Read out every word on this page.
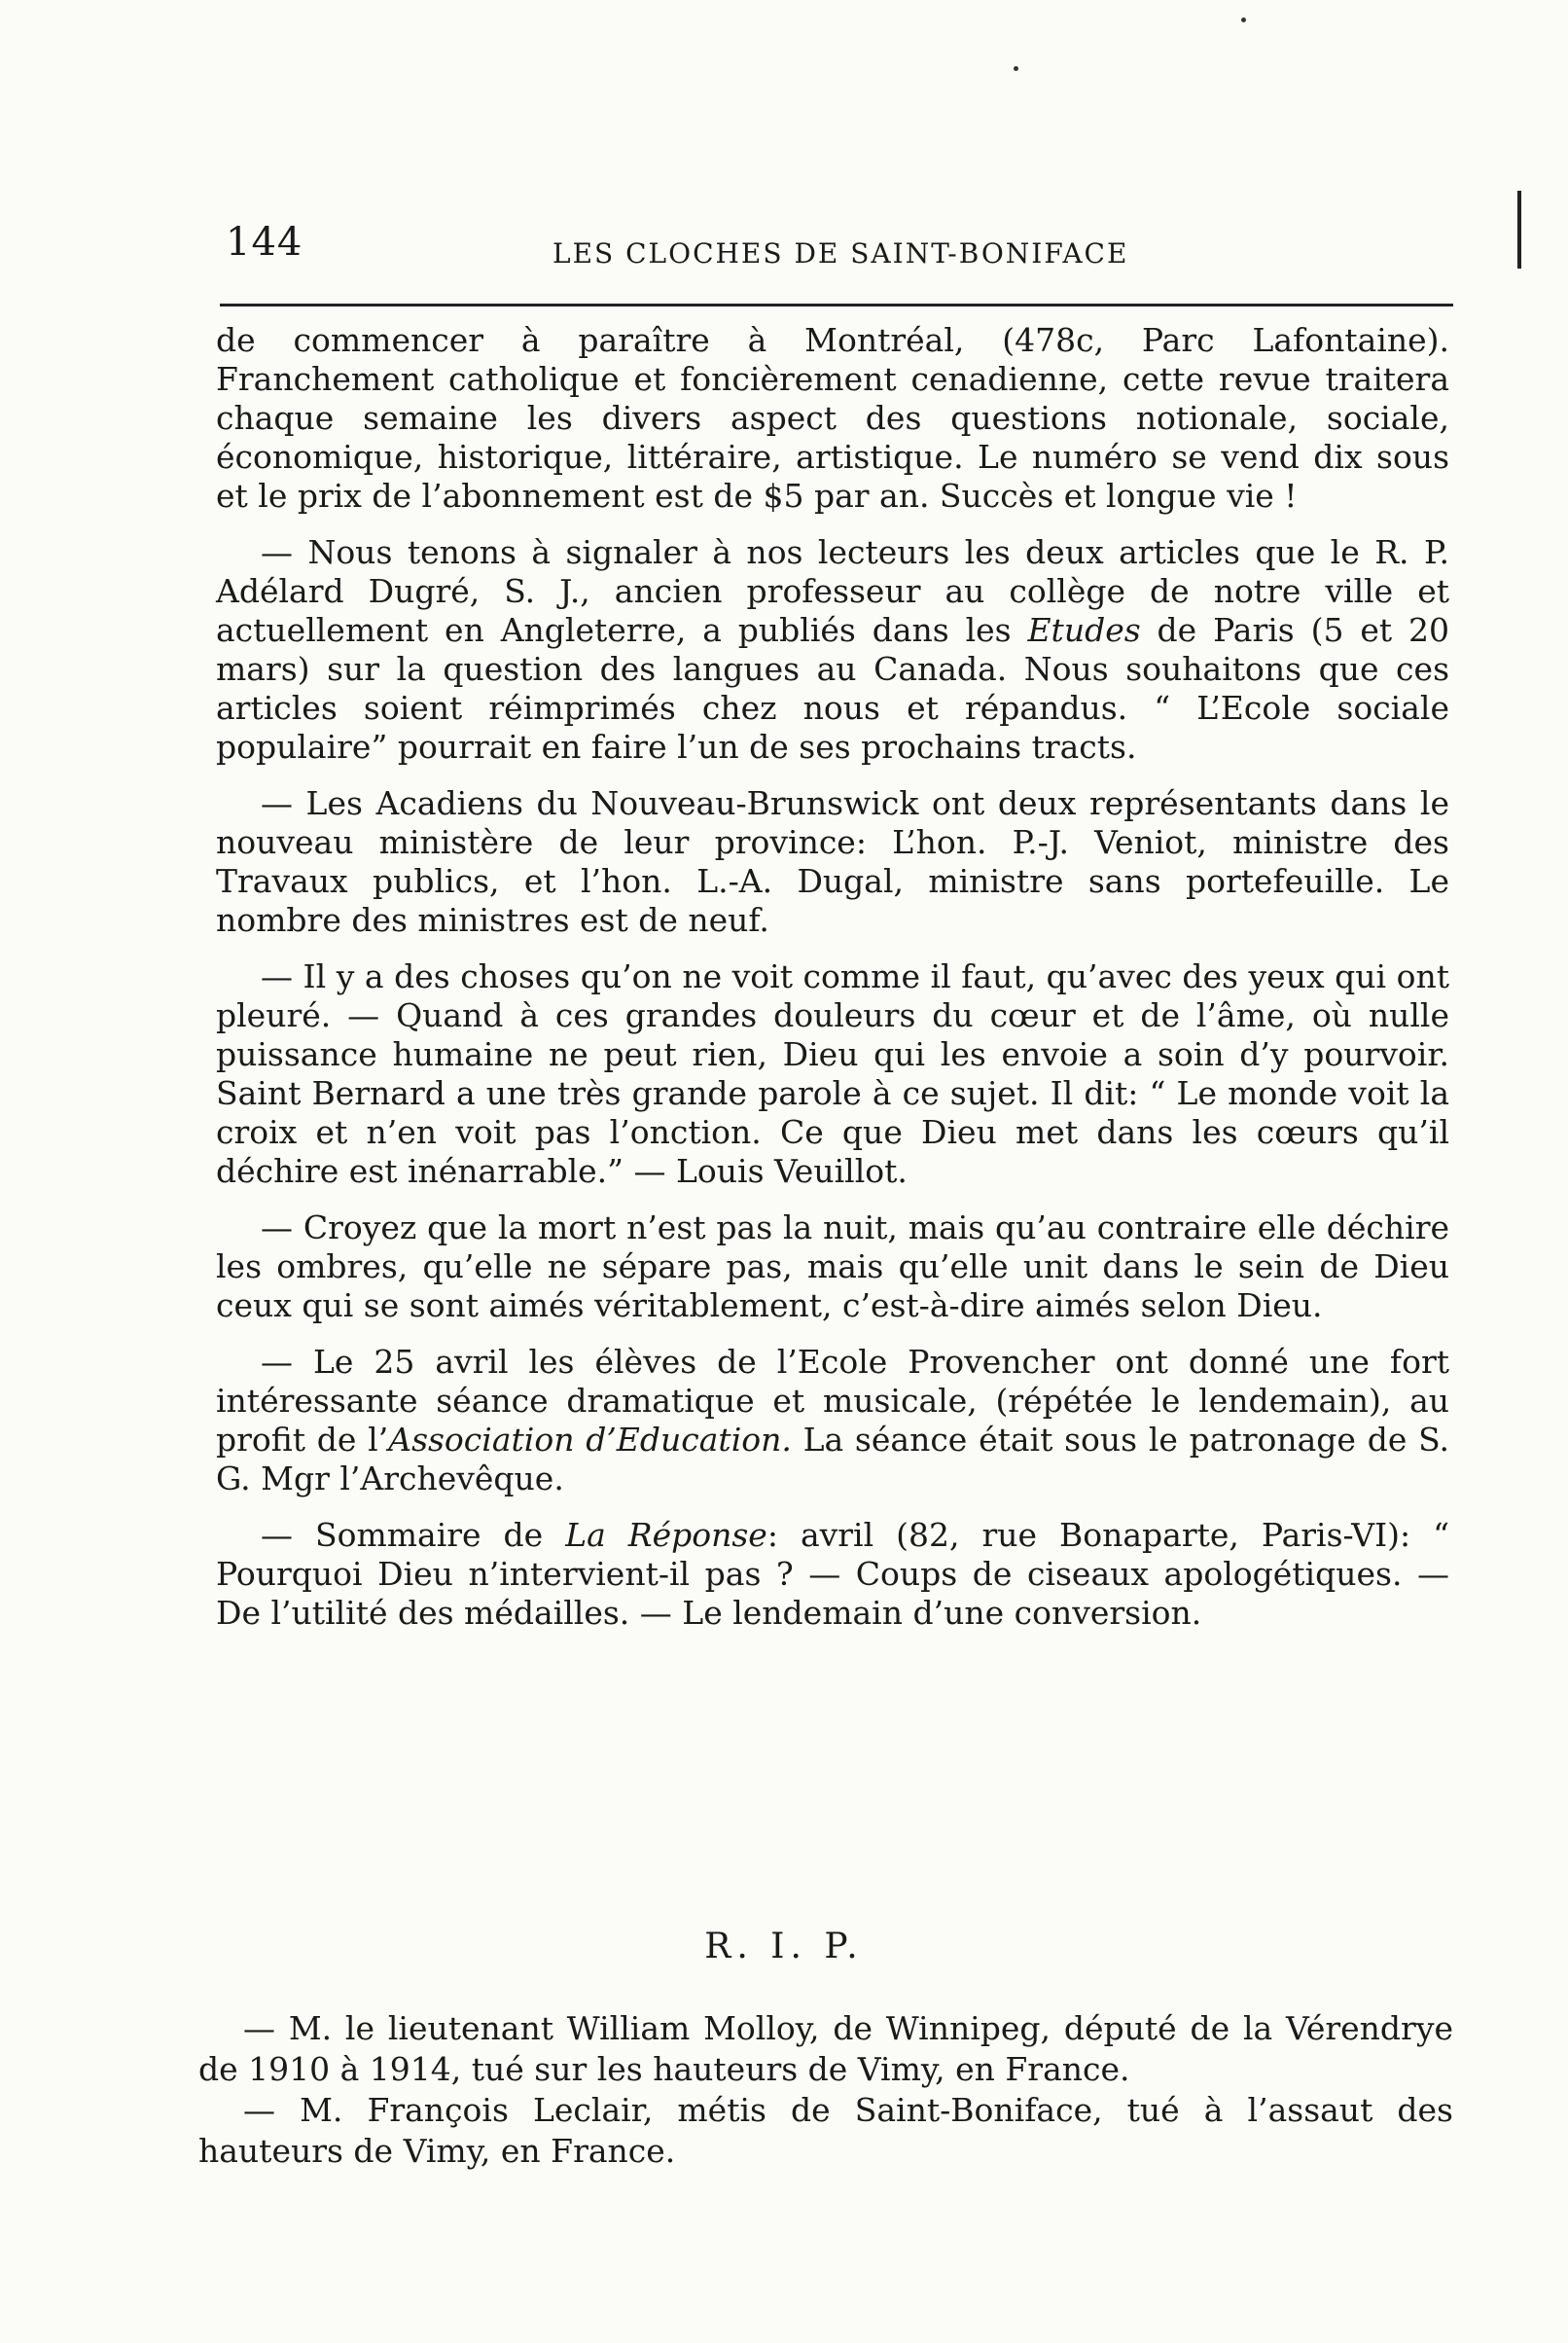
144	LES CLOCHES DE SAINT-BONIFACE

de commencer à paraître à Montréal, (478c, Parc Lafontaine). Franchement catholique et foncièrement cenadienne, cette revue traitera chaque semaine les divers aspect des questions notionale, sociale, économique, historique, littéraire, artistique. Le numéro se vend dix sous et le prix de l’abonnement est de $5 par an. Succès et longue vie !

— Nous tenons à signaler à nos lecteurs les deux articles que le R. P. Adélard Dugré, S. J., ancien professeur au collège de notre ville et actuellement en Angleterre, a publiés dans les Etudes de Paris (5 et 20 mars) sur la question des langues au Canada. Nous souhaitons que ces articles soient réimprimés chez nous et répandus. “ L’Ecole sociale populaire” pourrait en faire l’un de ses prochains tracts.

— Les Acadiens du Nouveau-Brunswick ont deux représentants dans le nouveau ministère de leur province: L’hon. P.-J. Veniot, ministre des Travaux publics, et l’hon. L.-A. Dugal, ministre sans portefeuille. Le nombre des ministres est de neuf.

— Il y a des choses qu’on ne voit comme il faut, qu’avec des yeux qui ont pleuré. — Quand à ces grandes douleurs du cœur et de l’âme, où nulle puissance humaine ne peut rien, Dieu qui les envoie a soin d’y pourvoir. Saint Bernard a une très grande parole à ce sujet. Il dit: “ Le monde voit la croix et n’en voit pas l’onction. Ce que Dieu met dans les cœurs qu’il déchire est inénarrable.” — Louis Veuillot.

— Croyez que la mort n’est pas la nuit, mais qu’au contraire elle déchire les ombres, qu’elle ne sépare pas, mais qu’elle unit dans le sein de Dieu ceux qui se sont aimés véritablement, c’est-à-dire aimés selon Dieu.

— Le 25 avril les élèves de l’Ecole Provencher ont donné une fort intéressante séance dramatique et musicale, (répétée le lendemain), au profit de l’Association d’Education. La séance était sous le patronage de S. G. Mgr l’Archevêque.

— Sommaire de La Réponse: avril (82, rue Bonaparte, Paris-VI): “ Pourquoi Dieu n’intervient-il pas ? — Coups de ciseaux apologétiques. — De l’utilité des médailles. — Le lendemain d’une conversion.

R. I. P.

— M. le lieutenant William Molloy, de Winnipeg, député de la Vérendrye de 1910 à 1914, tué sur les hauteurs de Vimy, en France.

— M. François Leclair, métis de Saint-Boniface, tué à l’assaut des hauteurs de Vimy, en France.
